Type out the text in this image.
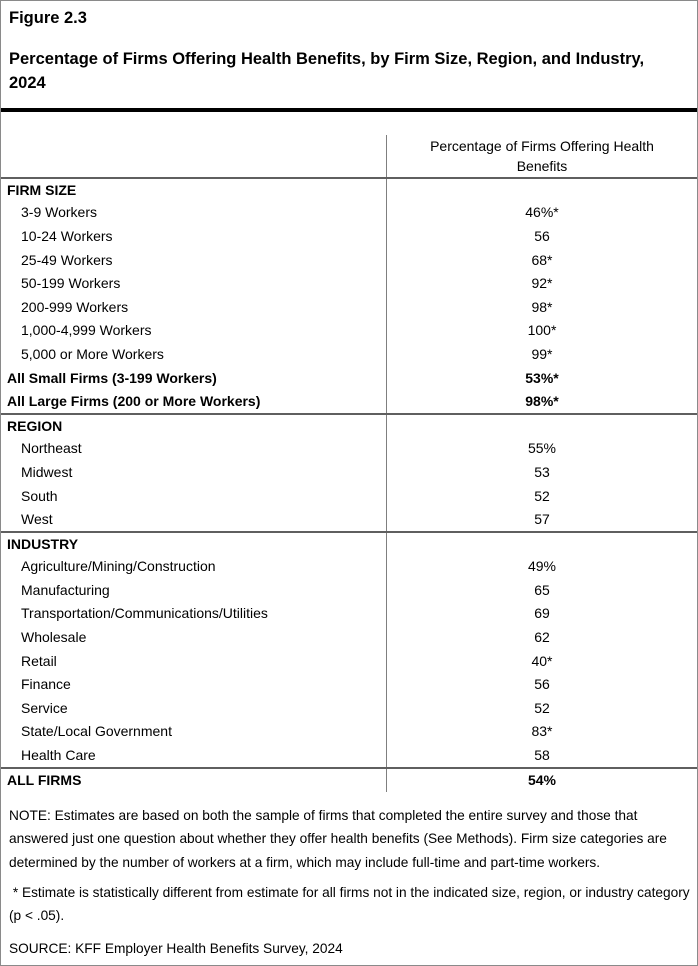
Figure 2.3
Percentage of Firms Offering Health Benefits, by Firm Size, Region, and Industry, 2024
Percentage of Firms Offering Health Benefits
FIRM SIZE
3-9 Workers	46%*
10-24 Workers	56
25-49 Workers	68*
50-199 Workers	92*
200-999 Workers	98*
1,000-4,999 Workers	100*
5,000 or More Workers	99*
All Small Firms (3-199 Workers)	53%*
All Large Firms (200 or More Workers)	98%*
REGION
Northeast	55%
Midwest	53
South	52
West	57
INDUSTRY
Agriculture/Mining/Construction	49%
Manufacturing	65
Transportation/Communications/Utilities	69
Wholesale	62
Retail	40*
Finance	56
Service	52
State/Local Government	83*
Health Care	58
ALL FIRMS	54%
NOTE: Estimates are based on both the sample of firms that completed the entire survey and those that answered just one question about whether they offer health benefits (See Methods). Firm size categories are determined by the number of workers at a firm, which may include full-time and part-time workers.
* Estimate is statistically different from estimate for all firms not in the indicated size, region, or industry category (p < .05).
SOURCE: KFF Employer Health Benefits Survey, 2024
